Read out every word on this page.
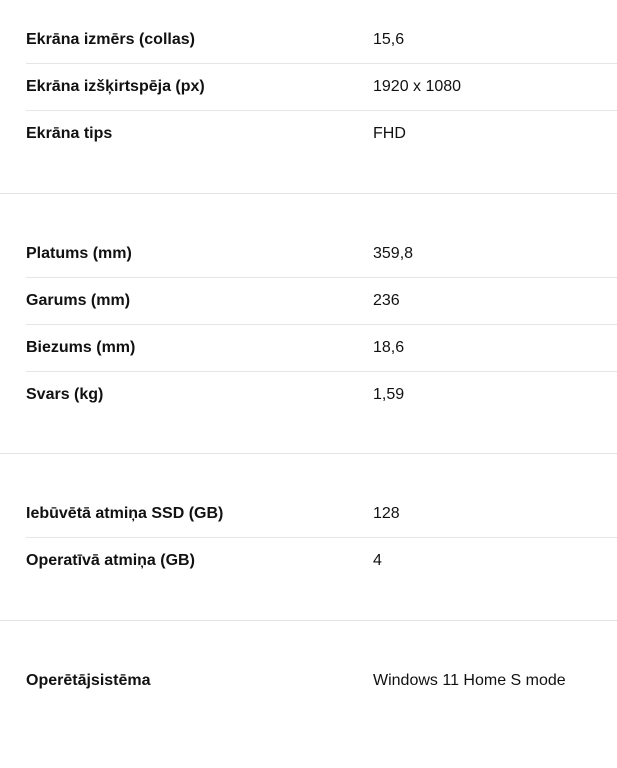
Ekrāna izmērs (collas)	15,6
Ekrāna izšķirtspēja (px)	1920 x 1080
Ekrāna tips	FHD
Platums (mm)	359,8
Garums (mm)	236
Biezums (mm)	18,6
Svars (kg)	1,59
Iebūvētā atmiņa SSD (GB)	128
Operatīvā atmiņa (GB)	4
Operētājsistēma	Windows 11 Home S mode
